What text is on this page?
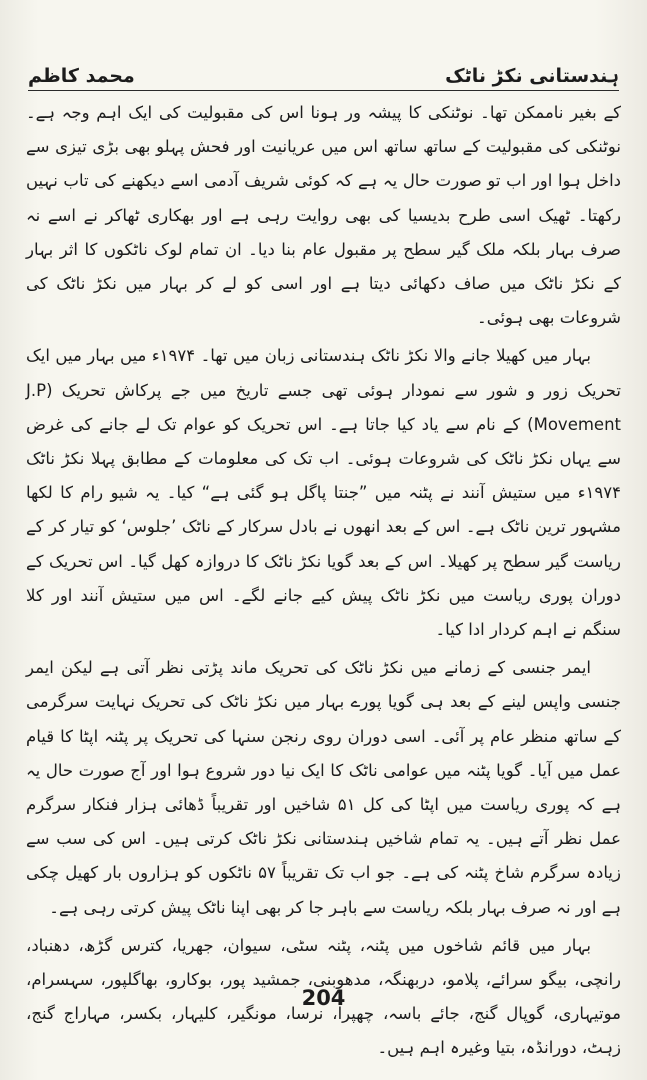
محمد کاظم	ہندستانی نکڑ ناٹک

کے بغیر ناممکن تھا۔ نوٹنکی کا پیشہ ور ہونا اس کی مقبولیت کی ایک اہم وجہ ہے۔ نوٹنکی کی مقبولیت کے ساتھ ساتھ اس میں عریانیت اور فحش پہلو بھی بڑی تیزی سے داخل ہوا اور اب تو صورت حال یہ ہے کہ کوئی شریف آدمی اسے دیکھنے کی تاب نہیں رکھتا۔ ٹھیک اسی طرح بدیسیا کی بھی روایت رہی ہے اور بھکاری ٹھاکر نے اسے نہ صرف بہار بلکہ ملک گیر سطح پر مقبول عام بنا دیا۔ ان تمام لوک ناٹکوں کا اثر بہار کے نکڑ ناٹک میں صاف دکھائی دیتا ہے اور اسی کو لے کر بہار میں نکڑ ناٹک کی شروعات بھی ہوئی۔

بہار میں کھیلا جانے والا نکڑ ناٹک ہندستانی زبان میں تھا۔ ۱۹۷۴ء میں بہار میں ایک تحریک زور و شور سے نمودار ہوئی تھی جسے تاریخ میں جے پرکاش تحریک (J.P Movement) کے نام سے یاد کیا جاتا ہے۔ اس تحریک کو عوام تک لے جانے کی غرض سے یہاں نکڑ ناٹک کی شروعات ہوئی۔ اب تک کی معلومات کے مطابق پہلا نکڑ ناٹک ۱۹۷۴ء میں ستیش آنند نے پٹنہ میں ”جنتا پاگل ہو گئی ہے“ کیا۔ یہ شیو رام کا لکھا مشہور ترین ناٹک ہے۔ اس کے بعد انھوں نے بادل سرکار کے ناٹک ’جلوس‘ کو تیار کر کے ریاست گیر سطح پر کھیلا۔ اس کے بعد گویا نکڑ ناٹک کا دروازہ کھل گیا۔ اس تحریک کے دوران پوری ریاست میں نکڑ ناٹک پیش کیے جانے لگے۔ اس میں ستیش آنند اور کلا سنگم نے اہم کردار ادا کیا۔

ایمر جنسی کے زمانے میں نکڑ ناٹک کی تحریک ماند پڑتی نظر آتی ہے لیکن ایمر جنسی واپس لینے کے بعد ہی گویا پورے بہار میں نکڑ ناٹک کی تحریک نہایت سرگرمی کے ساتھ منظر عام پر آئی۔ اسی دوران روی رنجن سنہا کی تحریک پر پٹنہ اپٹا کا قیام عمل میں آیا۔ گویا پٹنہ میں عوامی ناٹک کا ایک نیا دور شروع ہوا اور آج صورت حال یہ ہے کہ پوری ریاست میں اپٹا کی کل ۵۱ شاخیں اور تقریباً ڈھائی ہزار فنکار سرگرم عمل نظر آتے ہیں۔ یہ تمام شاخیں ہندستانی نکڑ ناٹک کرتی ہیں۔ اس کی سب سے زیادہ سرگرم شاخ پٹنہ کی ہے۔ جو اب تک تقریباً ۵۷ ناٹکوں کو ہزاروں بار کھیل چکی ہے اور نہ صرف بہار بلکہ ریاست سے باہر جا کر بھی اپنا ناٹک پیش کرتی رہی ہے۔

بہار میں قائم شاخوں میں پٹنہ، پٹنہ سٹی، سیوان، جھریا، کترس گڑھ، دھنباد، رانچی، بیگو سرائے، پلامو، دربھنگہ، مدھوبنی، جمشید پور، بوکارو، بھاگلپور، سہسرام، موتیہاری، گوپال گنج، جائے باسہ، چھپرا، نرسا، مونگیر، کلیہار، بکسر، مہاراج گنج، زہٹ، دورانڈہ، بتیا وغیرہ اہم ہیں۔

204
